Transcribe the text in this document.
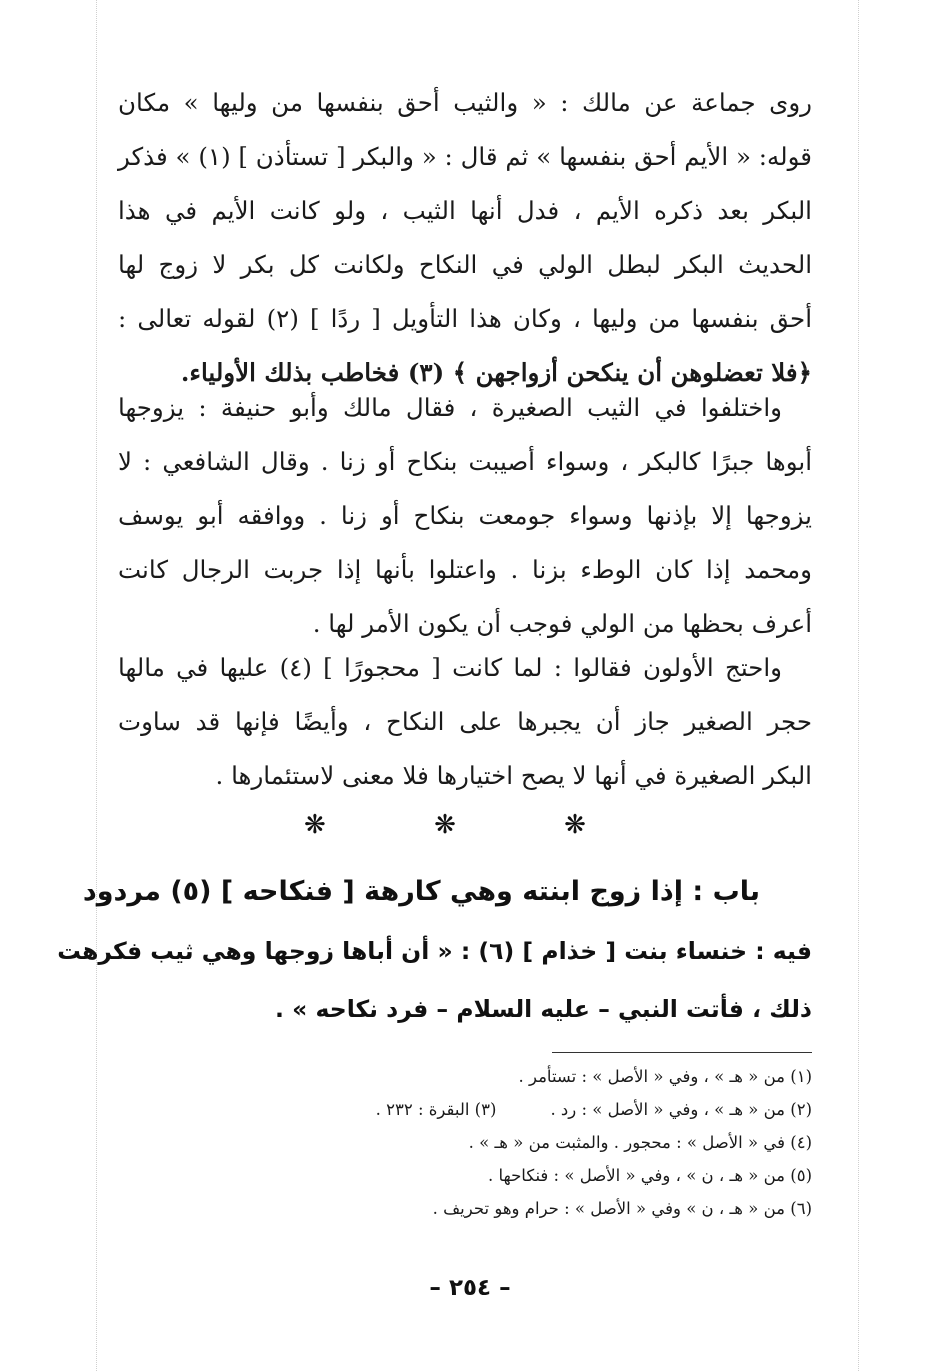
روى جماعة عن مالك : « والثيب أحق بنفسها من وليها » مكان
قوله: « الأيم أحق بنفسها » ثم قال : « والبكر [ تستأذن ] (١) » فذكر
البكر بعد ذكره الأيم ، فدل أنها الثيب ، ولو كانت الأيم في هذا
الحديث البكر لبطل الولي في النكاح ولكانت كل بكر لا زوج لها
أحق بنفسها من وليها ، وكان هذا التأويل [ ردًا ] (٢) لقوله تعالى :
﴿فلا تعضلوهن أن ينكحن أزواجهن ﴾ (٣) فخاطب بذلك الأولياء.
واختلفوا في الثيب الصغيرة ، فقال مالك وأبو حنيفة : يزوجها
أبوها جبرًا كالبكر ، وسواء أصيبت بنكاح أو زنا . وقال الشافعي : لا
يزوجها إلا بإذنها وسواء جومعت بنكاح أو زنا . ووافقه أبو يوسف
ومحمد إذا كان الوطء بزنا . واعتلوا بأنها إذا جربت الرجال كانت
أعرف بحظها من الولي فوجب أن يكون الأمر لها .
واحتج الأولون فقالوا : لما كانت [ محجورًا ] (٤) عليها في مالها
حجر الصغير جاز أن يجبرها على النكاح ، وأيضًا فإنها قد ساوت
البكر الصغيرة في أنها لا يصح اختيارها فلا معنى لاستئمارها .
❋ ❋ ❋
باب : إذا زوج ابنته وهي كارهة [ فنكاحه ] (٥) مردود
فيه : خنساء بنت [ خذام ] (٦) : « أن أباها زوجها وهي ثيب فكرهت
ذلك ، فأتت النبي – عليه السلام – فرد نكاحه » .
(١) من « هـ » ، وفي « الأصل » : تستأمر .
(٢) من « هـ » ، وفي « الأصل » : رد .(٣) البقرة : ٢٣٢ .
(٤) في « الأصل » : محجور . والمثبت من « هـ » .
(٥) من « هـ ، ن » ، وفي « الأصل » : فنكاحها .
(٦) من « هـ ، ن » وفي « الأصل » : حرام وهو تحريف .
– ٢٥٤ –
